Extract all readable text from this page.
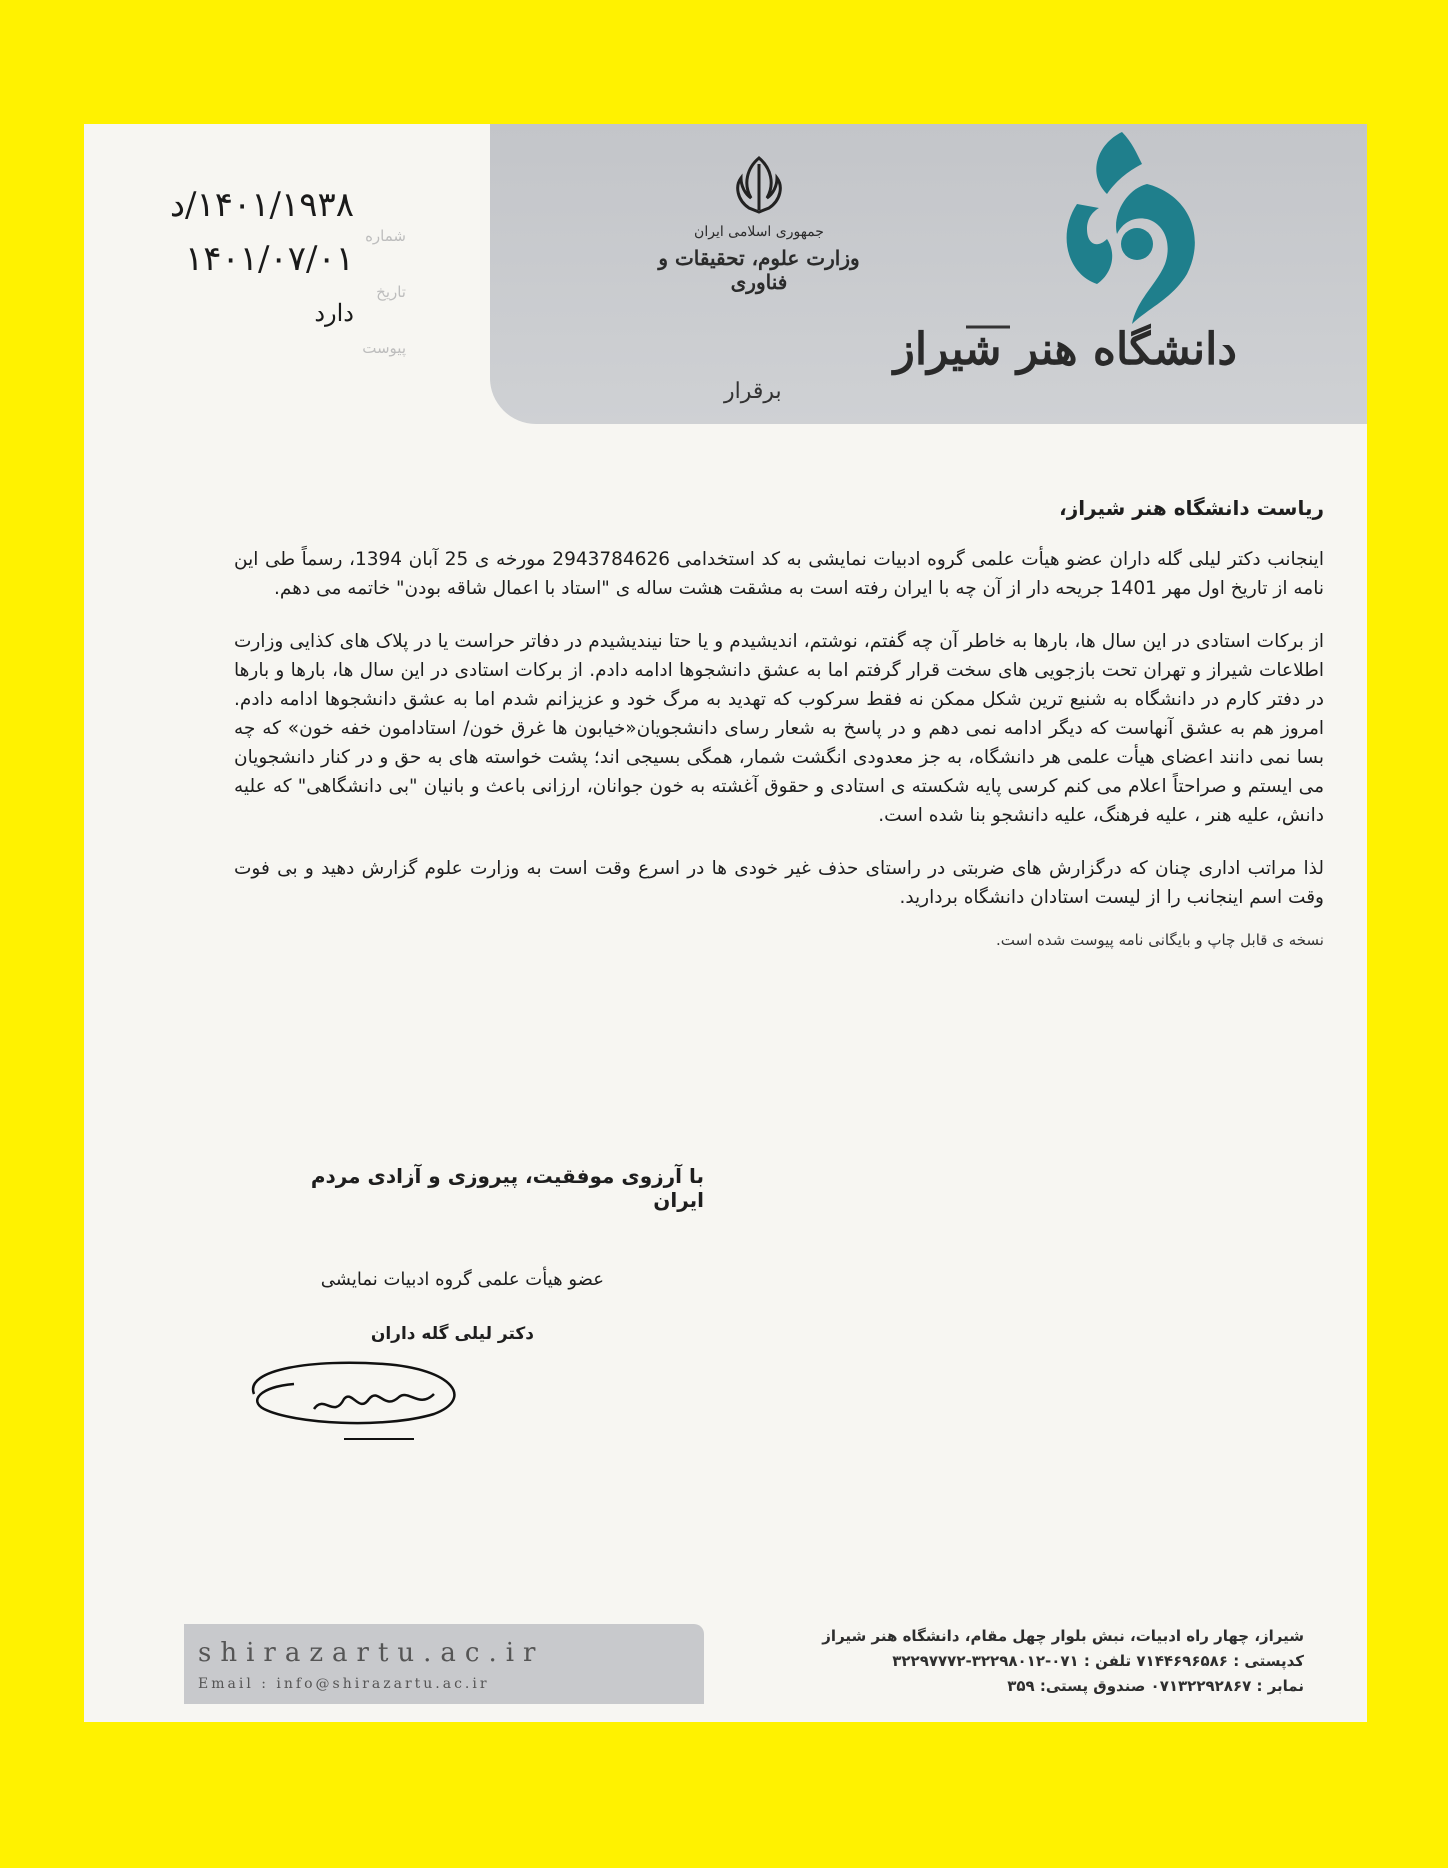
دانشگاه هنر شیراز
جمهوری اسلامی ایران
وزارت علوم، تحقیقات و فناوری
برقرار
شماره
تاریخ
پیوست
۱۴۰۱/۱۹۳۸/د
۱۴۰۱/۰۷/۰۱
دارد

ریاست دانشگاه هنر شیراز،

اینجانب دکتر لیلی گله داران عضو هیأت علمی گروه ادبیات نمایشی به کد استخدامی 2943784626 مورخه ی 25 آبان 1394، رسماً طی این نامه از تاریخ اول مهر 1401 جریحه دار از آن چه با ایران رفته است به مشقت هشت ساله ی "استاد با اعمال شاقه بودن" خاتمه می دهم.

از برکات استادی در این سال ها، بارها به خاطر آن چه گفتم، نوشتم، اندیشیدم و یا حتا نیندیشیدم در دفاتر حراست یا در پلاک های کذایی وزارت اطلاعات شیراز و تهران تحت بازجویی های سخت قرار گرفتم اما به عشق دانشجوها ادامه دادم. از برکات استادی در این سال ها، بارها و بارها در دفتر کارم در دانشگاه به شنیع ترین شکل ممکن نه فقط سرکوب که تهدید به مرگ خود و عزیزانم شدم اما به عشق دانشجوها ادامه دادم. امروز هم به عشق آنهاست که دیگر ادامه نمی دهم و در پاسخ به شعار رسای دانشجویان«خیابون ها غرق خون/ استادامون خفه خون» که چه بسا نمی دانند اعضای هیأت علمی هر دانشگاه، به جز معدودی انگشت شمار، همگی بسیجی اند؛ پشت خواسته های به حق و در کنار دانشجویان می ایستم و صراحتاً اعلام می کنم کرسی پایه شکسته ی استادی و حقوق آغشته به خون جوانان، ارزانی باعث و بانیان "بی دانشگاهی" که علیه دانش، علیه هنر ، علیه فرهنگ، علیه دانشجو بنا شده است.

لذا مراتب اداری چنان که درگزارش های ضربتی در راستای حذف غیر خودی ها در اسرع وقت است به وزارت علوم گزارش دهید و بی فوت وقت اسم اینجانب را از لیست استادان دانشگاه بردارید.

نسخه ی قابل چاپ و بایگانی نامه پیوست شده است.

با آرزوی موفقیت، پیروزی و آزادی مردم ایران
عضو هیأت علمی گروه ادبیات نمایشی
دکتر لیلی گله داران
shirazartu.ac.ir
Email : info@shirazartu.ac.ir
شیراز، چهار راه ادبیات، نبش بلوار چهل مقام، دانشگاه هنر شیراز
کدپستی : ۷۱۴۴۶۹۶۵۸۶ تلفن : ۰۷۱-۳۲۲۹۸۰۱۲-۳۲۲۹۷۷۷۲
نمابر : ۰۷۱۳۲۲۹۲۸۶۷ صندوق پستی: ۳۵۹
